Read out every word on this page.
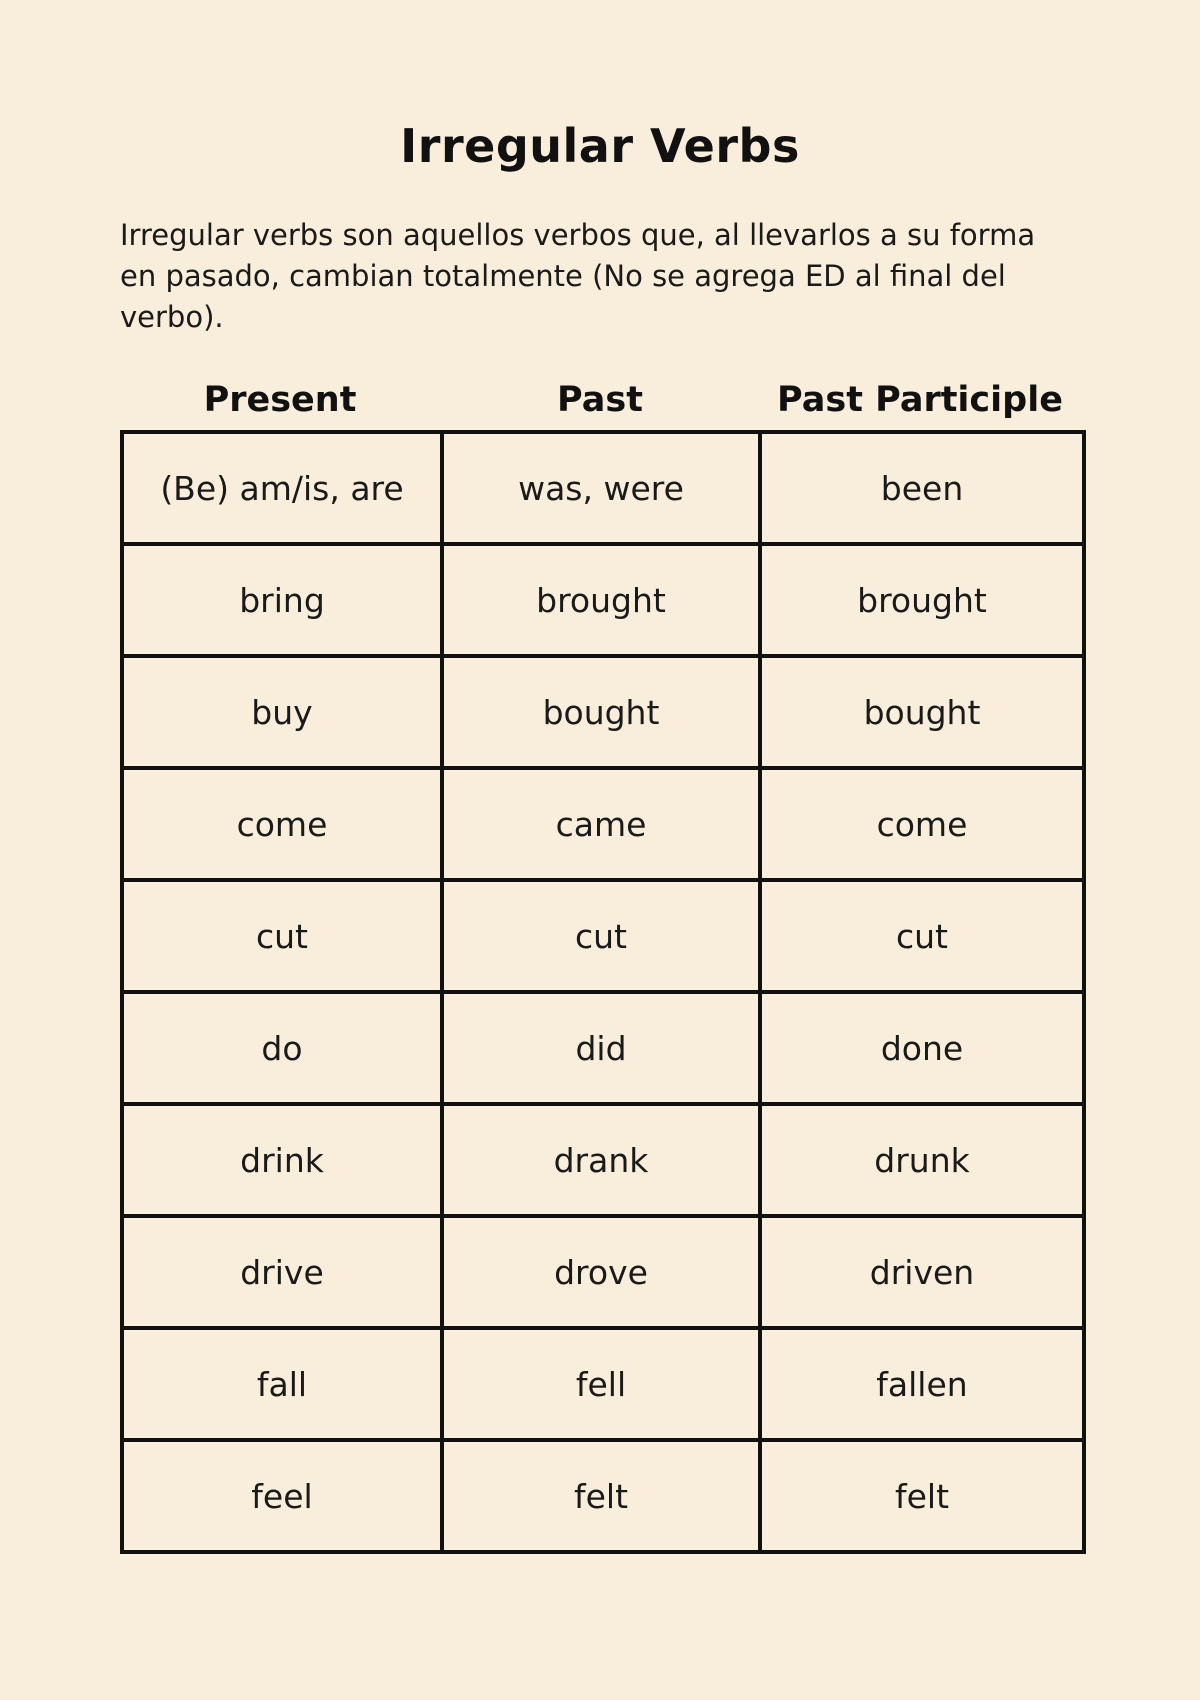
Irregular Verbs

Irregular verbs son aquellos verbos que, al llevarlos a su forma en pasado, cambian totalmente (No se agrega ED al final del verbo).

Present	Past	Past Participle
(Be) am/is, are	was, were	been
bring	brought	brought
buy	bought	bought
come	came	come
cut	cut	cut
do	did	done
drink	drank	drunk
drive	drove	driven
fall	fell	fallen
feel	felt	felt
